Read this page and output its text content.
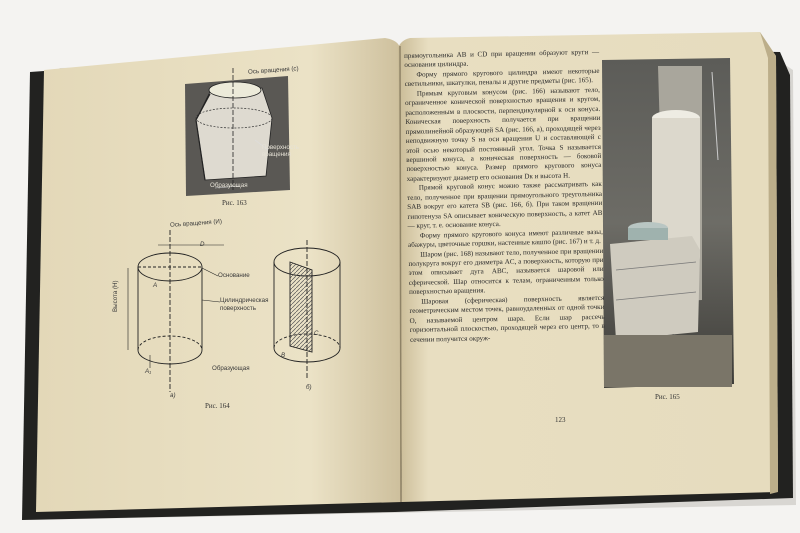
Ось вращения (с)
Поверхность вращения
Образующая
Рис. 163
Ось вращения (И)
D
Основание
Цилиндрическая поверхность
Образующая
Высота (Н)	A
A₁
B
C
а)
б)
Рис. 164
Рис. 165

прямоугольника AB и CD при вращении образуют круги — основания цилиндра.

Форму прямого кругового цилиндра имеют некоторые светильники, шкатулки, пеналы и другие предметы (рис. 165).

Прямым круговым конусом (рис. 166) называют тело, ограниченное конической поверхностью вращения и кругом, расположенным в плоскости, перпендикулярной к оси конуса. Коническая поверхность получается при вращении прямолинейной образующей SA (рис. 166, а), проходящей через неподвижную точку S на оси вращения U и составляющей с этой осью некоторый постоянный угол. Точка S называется вершиной конуса, а коническая поверхность — боковой поверхностью конуса. Размер прямого кругового конуса характеризуют диаметр его основания Dк и высота H.

Прямой круговой конус можно также рассматривать как тело, полученное при вращении прямоугольного треугольника SAB вокруг его катета SB (рис. 166, б). При таком вращении гипотенуза SA описывает коническую поверхность, а катет AB — круг, т. е. основание конуса.

Форму прямого кругового конуса имеют различные вазы, абажуры, цветочные горшки, настенные кашпо (рис. 167) и т. д.

Шаром (рис. 168) называют тело, полученное при вращении полукруга вокруг его диаметра AC, а поверхность, которую при этом описывает дуга ABC, называется шаровой или сферической. Шар относится к телам, ограниченным только поверхностью вращения.

Шаровая (сферическая) поверхность является геометрическим местом точек, равноудаленных от одной точки O, называемой центром шара. Если шар рассечь горизонтальной плоскостью, проходящей через его центр, то в сечении получится окруж-

123
